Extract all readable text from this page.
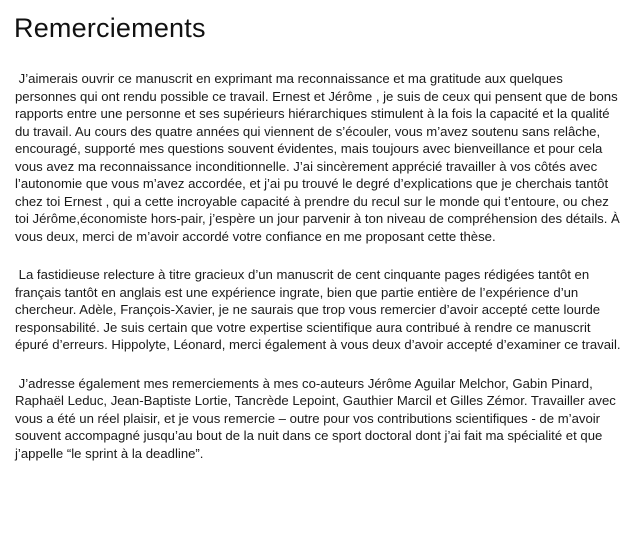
Remerciements

J’aimerais ouvrir ce manuscrit en exprimant ma reconnaissance et ma gratitude aux quelques personnes qui ont rendu possible ce travail. Ernest et Jérôme , je suis de ceux qui pensent que de bons rapports entre une personne et ses supérieurs hiérarchiques stimulent à la fois la capacité et la qualité du travail. Au cours des quatre années qui viennent de s’écouler, vous m’avez soutenu sans relâche, encouragé, supporté mes questions souvent évidentes, mais toujours avec bienveillance et pour cela vous avez ma reconnaissance inconditionnelle. J’ai sincèrement apprécié travailler à vos côtés avec l’autonomie que vous m’avez accordée, et j’ai pu trouvé le degré d’explications que je cherchais tantôt chez toi Ernest , qui a cette incroyable capacité à prendre du recul sur le monde qui t’entoure, ou chez toi Jérôme,économiste hors-pair, j’espère un jour parvenir à ton niveau de compréhension des détails. À vous deux, merci de m’avoir accordé votre confiance en me proposant cette thèse.

La fastidieuse relecture à titre gracieux d’un manuscrit de cent cinquante pages rédigées tantôt en français tantôt en anglais est une expérience ingrate, bien que partie entière de l’expérience d’un chercheur. Adèle, François-Xavier, je ne saurais que trop vous remercier d’avoir accepté cette lourde responsabilité. Je suis certain que votre expertise scientifique aura contribué à rendre ce manuscrit épuré d’erreurs. Hippolyte, Léonard, merci également à vous deux d’avoir accepté d’examiner ce travail.

J’adresse également mes remerciements à mes co-auteurs Jérôme Aguilar Melchor, Gabin Pinard, Raphaël Leduc, Jean-Baptiste Lortie, Tancrède Lepoint, Gauthier Marcil et Gilles Zémor. Travailler avec vous a été un réel plaisir, et je vous remercie – outre pour vos contributions scientifiques - de m’avoir souvent accompagné jusqu’au bout de la nuit dans ce sport doctoral dont j’ai fait ma spécialité et que j’appelle “le sprint à la deadline”.
